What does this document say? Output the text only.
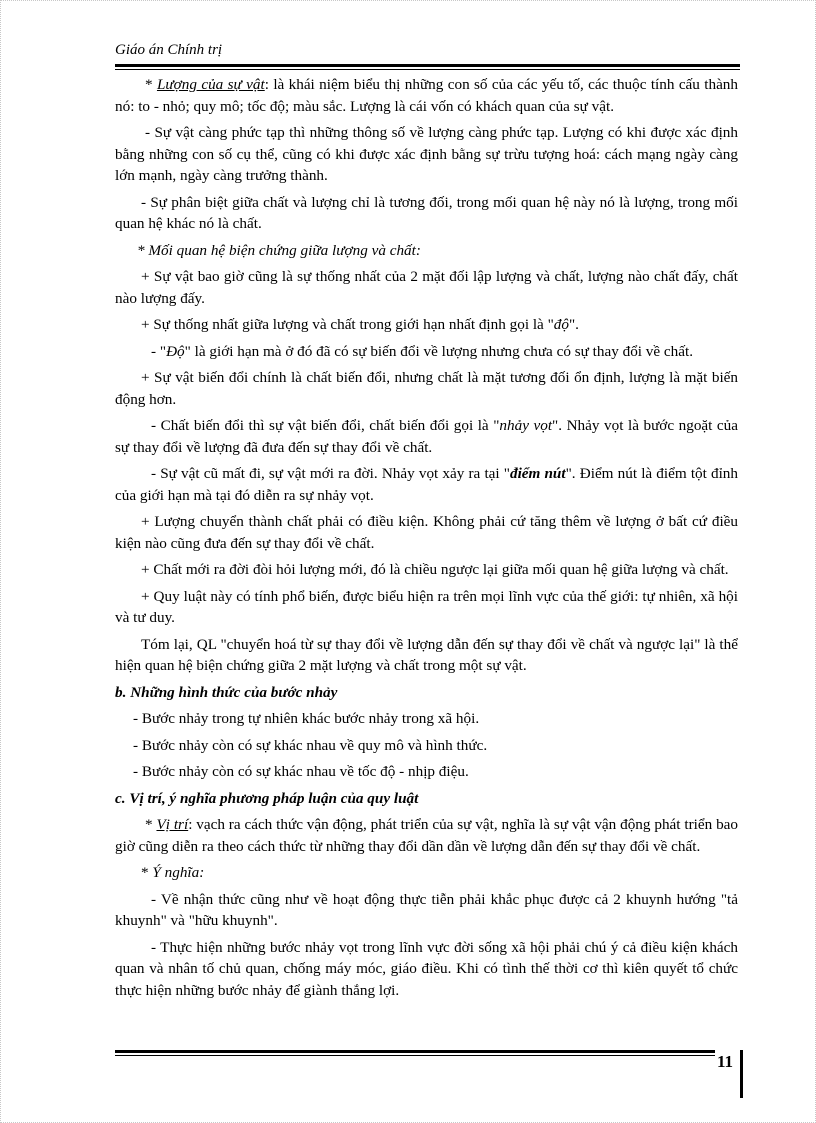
Giáo án Chính trị

* Lượng của sự vật: là khái niệm biểu thị những con số của các yếu tố, các thuộc tính cấu thành nó: to - nhỏ; quy mô; tốc độ; màu sắc. Lượng là cái vốn có khách quan của sự vật.

- Sự vật càng phức tạp thì những thông số về lượng càng phức tạp. Lượng có khi được xác định bằng những con số cụ thể, cũng có khi được xác định bằng sự trừu tượng hoá: cách mạng ngày càng lớn mạnh, ngày càng trưởng thành.

- Sự phân biệt giữa chất và lượng chỉ là tương đối, trong mối quan hệ này nó là lượng, trong mối quan hệ khác nó là chất.

* Mối quan hệ biện chứng giữa lượng và chất:

+ Sự vật bao giờ cũng là sự thống nhất của 2 mặt đối lập lượng và chất, lượng nào chất đấy, chất nào lượng đấy.

+ Sự thống nhất giữa lượng và chất trong giới hạn nhất định gọi là "độ".

- "Độ" là giới hạn mà ở đó đã có sự biến đổi về lượng nhưng chưa có sự thay đổi về chất.

+ Sự vật biến đổi chính là chất biến đổi, nhưng chất là mặt tương đối ổn định, lượng là mặt biến động hơn.

- Chất biến đổi thì sự vật biến đổi, chất biến đổi gọi là "nhảy vọt". Nhảy vọt là bước ngoặt của sự thay đổi về lượng đã đưa đến sự thay đổi về chất.

- Sự vật cũ mất đi, sự vật mới ra đời. Nhảy vọt xảy ra tại "điểm nút". Điểm nút là điểm tột đỉnh của giới hạn mà tại đó diễn ra sự nhảy vọt.

+ Lượng chuyển thành chất phải có điều kiện. Không phải cứ tăng thêm về lượng ở bất cứ điều kiện nào cũng đưa đến sự thay đổi về chất.

+ Chất mới ra đời đòi hỏi lượng mới, đó là chiều ngược lại giữa mối quan hệ giữa lượng và chất.

+ Quy luật này có tính phổ biến, được biểu hiện ra trên mọi lĩnh vực của thế giới: tự nhiên, xã hội và tư duy.

Tóm lại, QL "chuyển hoá từ sự thay đổi về lượng dẫn đến sự thay đổi về chất và ngược lại" là thể hiện quan hệ biện chứng giữa 2 mặt lượng và chất trong một sự vật.

b. Những hình thức của bước nhảy

- Bước nhảy trong tự nhiên khác bước nhảy trong xã hội.

- Bước nhảy còn có sự khác nhau về quy mô và hình thức.

- Bước nhảy còn có sự khác nhau về tốc độ - nhịp điệu.

c. Vị trí, ý nghĩa phương pháp luận của quy luật

* Vị trí: vạch ra cách thức vận động, phát triển của sự vật, nghĩa là sự vật vận động phát triển bao giờ cũng diễn ra theo cách thức từ những thay đổi dần dần về lượng dẫn đến sự thay đổi về chất.

* Ý nghĩa:

- Về nhận thức cũng như về hoạt động thực tiễn phải khắc phục được cả 2 khuynh hướng "tả khuynh" và "hữu khuynh".

- Thực hiện những bước nhảy vọt trong lĩnh vực đời sống xã hội phải chú ý cả điều kiện khách quan và nhân tố chủ quan, chống máy móc, giáo điều. Khi có tình thế thời cơ thì kiên quyết tổ chức thực hiện những bước nhảy để giành thắng lợi.

11
